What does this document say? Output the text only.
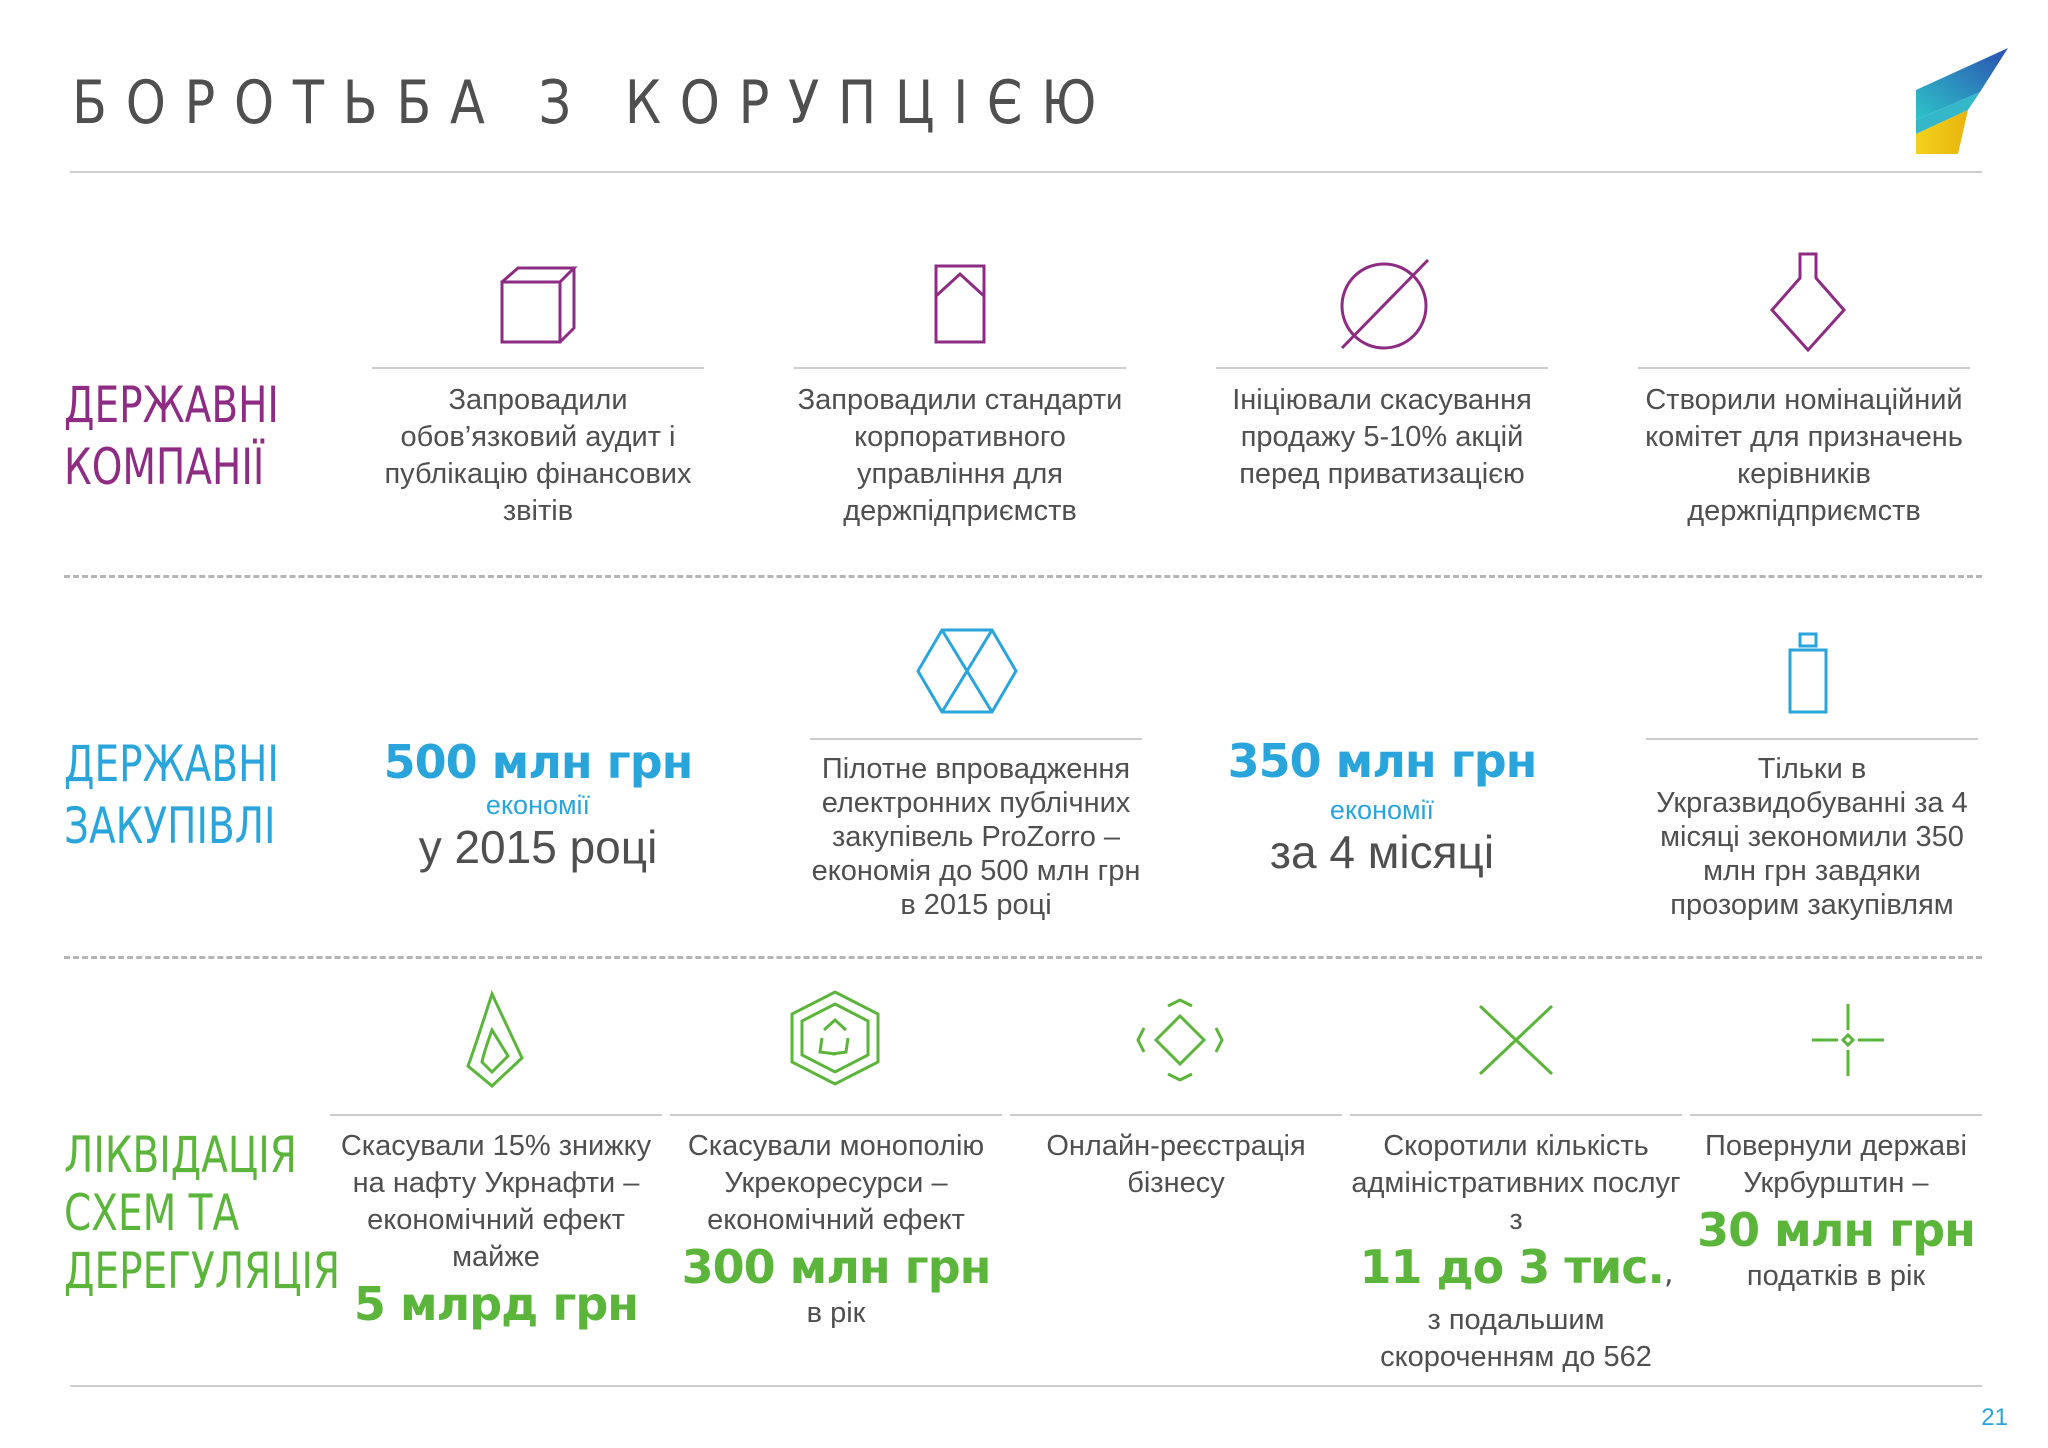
БОРОТЬБА З КОРУПЦІЄЮ
ДЕРЖАВНІ
КОМПАНІЇ
Запровадили обов’язковий аудит і публікацію фінансових звітів
Запровадили стандарти корпоративного управління для держпідприємств
Ініціювали скасування продажу 5-10% акцій перед приватизацією
Створили номінаційний комітет для призначень керівників держпідприємств
ДЕРЖАВНІ
ЗАКУПІВЛІ
500 млн грн
економії
у 2015 році
Пілотне впровадження електронних публічних закупівель ProZorro – економія до 500 млн грн в 2015 році
350 млн грн
економії
за 4 місяці
Тільки в Укргазвидобуванні за 4 місяці зекономили 350 млн грн завдяки прозорим закупівлям
ЛІКВІДАЦІЯ
СХЕМ ТА
ДЕРЕГУЛЯЦІЯ
Скасували 15% знижку на нафту Укрнафти – економічний ефект майже
5 млрд грн
Скасували монополію Укрекоресурси – економічний ефект
300 млн грн
в рік
Онлайн-реєстрація бізнесу
Скоротили кількість адміністративних послуг з
11 до 3 тис.,
з подальшим скороченням до 562
Повернули державі Укрбурштин –
30 млн грн
податків в рік
21
